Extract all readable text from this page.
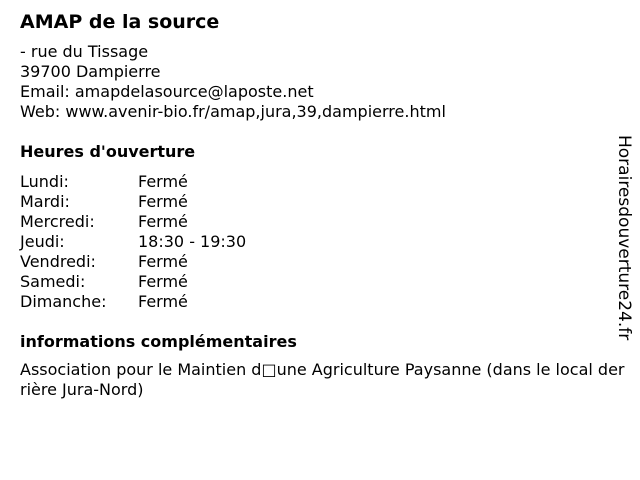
AMAP de la source
- rue du Tissage
39700 Dampierre
Email: amapdelasource@laposte.net
Web: www.avenir-bio.fr/amap,jura,39,dampierre.html
Heures d'ouverture
Lundi:	Fermé
Mardi:	Fermé
Mercredi:	Fermé
Jeudi:	18:30 - 19:30
Vendredi:	Fermé
Samedi:	Fermé
Dimanche:	Fermé
informations complémentaires
Association pour le Maintien d□une Agriculture Paysanne (dans le local derrière Jura-Nord)
Horairesdouverture24.fr
